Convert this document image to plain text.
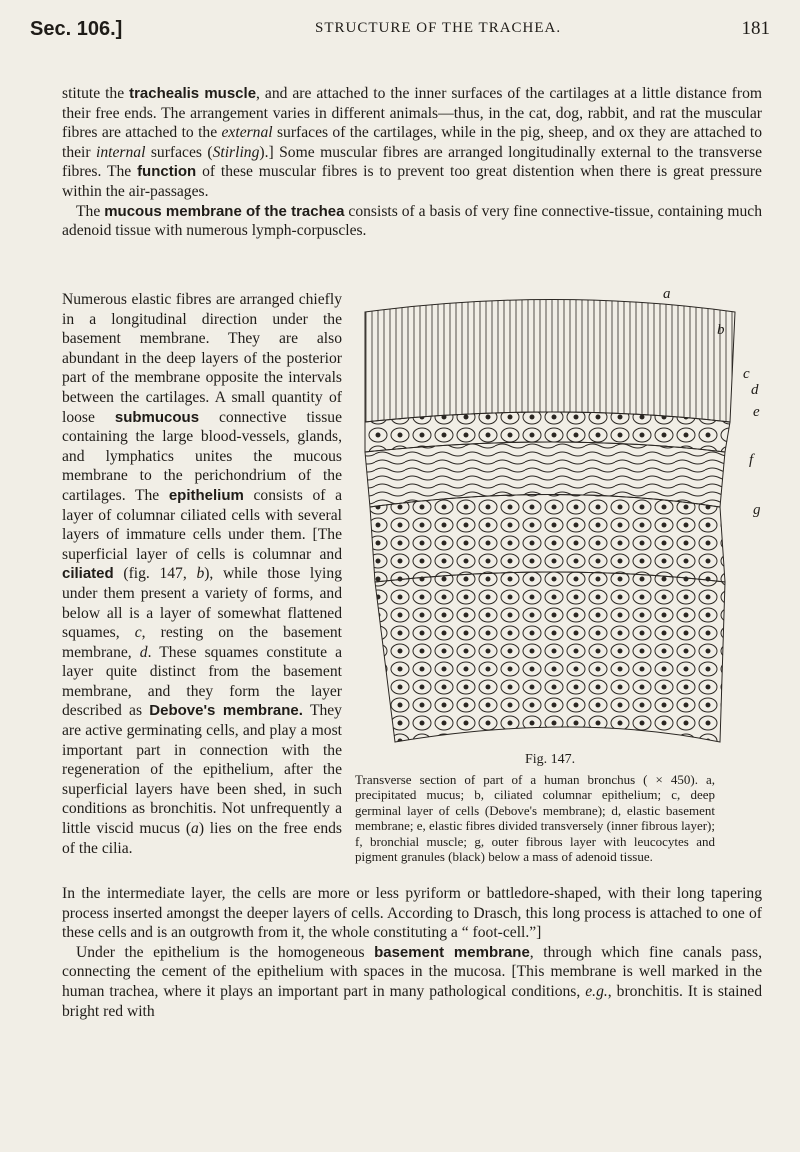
Sec. 106.]	STRUCTURE OF THE TRACHEA.	181

stitute the trachealis muscle, and are attached to the inner surfaces of the cartilages at a little distance from their free ends. The arrangement varies in different animals—thus, in the cat, dog, rabbit, and rat the muscular fibres are attached to the external surfaces of the cartilages, while in the pig, sheep, and ox they are attached to their internal surfaces (Stirling).] Some muscular fibres are arranged longitudinally external to the transverse fibres. The function of these muscular fibres is to prevent too great distention when there is great pressure within the air-passages.

The mucous membrane of the trachea consists of a basis of very fine connective-tissue, containing much adenoid tissue with numerous lymph-corpuscles.

Numerous elastic fibres are arranged chiefly in a longitudinal direction under the basement membrane. They are also abundant in the deep layers of the posterior part of the membrane opposite the intervals between the cartilages. A small quantity of loose submucous connective tissue containing the large blood-vessels, glands, and lymphatics unites the mucous membrane to the perichondrium of the cartilages. The epithelium consists of a layer of columnar ciliated cells with several layers of immature cells under them. [The superficial layer of cells is columnar and ciliated (fig. 147, b), while those lying under them present a variety of forms, and below all is a layer of somewhat flattened squames, c, resting on the basement membrane, d. These squames constitute a layer quite distinct from the basement membrane, and they form the layer described as Debove's membrane. They are active germinating cells, and play a most important part in connection with the regeneration of the epithelium, after the superficial layers have been shed, in such conditions as bronchitis. Not unfrequently a little viscid mucus (a) lies on the free ends of the cilia.
a
b
c
d
e
f
g
Fig. 147.
Transverse section of part of a human bronchus ( × 450). a, precipitated mucus; b, ciliated columnar epithelium; c, deep germinal layer of cells (Debove's membrane); d, elastic basement membrane; e, elastic fibres divided transversely (inner fibrous layer); f, bronchial muscle; g, outer fibrous layer with leucocytes and pigment granules (black) below a mass of adenoid tissue.

In the intermediate layer, the cells are more or less pyriform or battledore-shaped, with their long tapering process inserted amongst the deeper layers of cells. According to Drasch, this long process is attached to one of these cells and is an outgrowth from it, the whole constituting a “ foot-cell.”]

Under the epithelium is the homogeneous basement membrane, through which fine canals pass, connecting the cement of the epithelium with spaces in the mucosa. [This membrane is well marked in the human trachea, where it plays an important part in many pathological conditions, e.g., bronchitis. It is stained bright red with
